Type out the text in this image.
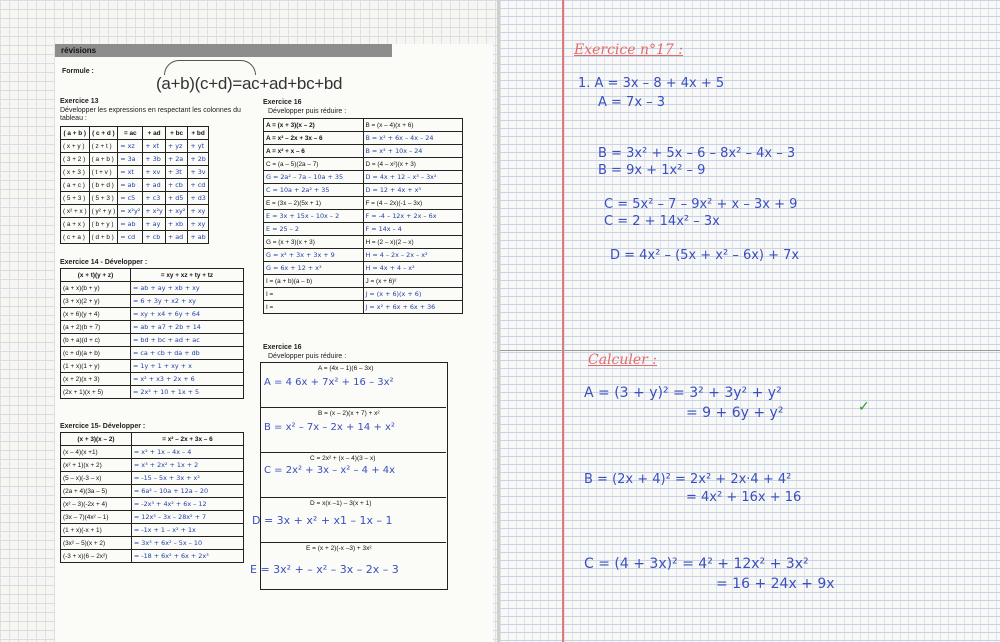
révisions
Formule :
(a+b)(c+d)=ac+ad+bc+bd
Exercice 13
Développer les expressions en respectant les colonnes du tableau :
( a + b )	( c + d )	= ac	+ ad	+ bc	+ bd
( x + y )	( z + t )	= xz	+ xt	+ yz	+ yt
( 3 + 2 )	( a + b )	= 3a	+ 3b	+ 2a	+ 2b
( x + 3 )	( t + v )	= xt	+ xv	+ 3t	+ 3v
( a + c )	( b + d )	= ab	+ ad	+ cb	+ cd
( 5 + 3 )	( 5 + 3 )	= c5	+ c3	+ d5	+ d3
( x² + x )	( y² + y )	= x²y²	+ x²y	+ xy²	+ xy
( a + x )	( b + y )	= ab	+ ay	+ xb	+ xy
( c + a )	( d + b )	= cd	+ cb	+ ad	+ ab
Exercice 14 - Développer :
(x + t)(y + z)	= xy + xz + ty + tz
(a + x)(b + y)	= ab + ay + xb + xy
(3 + x)(2 + y)	= 6 + 3y + x2 + xy
(x + 6)(y + 4)	= xy + x4 + 6y + 64
(a + 2)(b + 7)	= ab + a7 + 2b + 14
(b + a)(d + c)	= bd + bc + ad + ac
(c + d)(a + b)	= ca + cb + da + db
(1 + x)(1 + y)	= 1y + 1 + xy + x
(x + 2)(x + 3)	= x² + x3 + 2x + 6
(2x + 1)(x + 5)	= 2x² + 10 + 1x + 5
Exercice 15- Développer :
(x + 3)(x – 2)	= x² – 2x + 3x – 6
(x – 4)(x +1)	= x² + 1x – 4x – 4
(x² + 1)(x + 2)	= x³ + 2x² + 1x + 2
(5 – x)(-3 – x)	= -15 – 5x + 3x + x²
(2a + 4)(3a – 5)	= 6a² – 10a + 12a – 20
(x² – 3)(-2x + 4)	= -2x³ + 4x² + 6x – 12
(3x – 7)(4x² – 1)	= 12x³ – 3x – 28x² + 7
(1 + x)(-x + 1)	= -1x + 1 – x² + 1x
(3x² – 5)(x + 2)	= 3x³ + 6x² – 5x – 10
(-3 + x)(6 – 2x²)	= -18 + 6x² + 6x + 2x³
Exercice 16
Développer puis réduire :
A = (x + 3)(x – 2)	B = (x – 4)(x + 6)
A = x² – 2x + 3x – 6	B = x² + 6x – 4x – 24
A = x² + x – 6	B = x² + 10x – 24
C = (a – 5)(2a – 7)	D = (4 – x²)(x + 3)
G = 2a² – 7a – 10a + 35	D = 4x + 12 – x³ – 3x²
C = 10a + 2a² + 35	D = 12 + 4x + x³
E = (3x – 2)(5x + 1)	F = (4 – 2x)(-1 – 3x)
E = 3x + 15x – 10x – 2	F = -4 – 12x + 2x – 6x
E = 25 – 2	F = 14x – 4
G = (x + 3)(x + 3)	H = (2 – x)(2 – x)
G = x² + 3x + 3x + 9	H = 4 – 2x – 2x – x²
G = 6x + 12 + x³	H = 4x + 4 – x²
I = (a + b)(a – b)	J = (x + 6)²
I =	J = (x + 6)(x + 6)
I =	J = x² + 6x + 6x + 36
Exercice 16
Développer puis réduire :
A = (4x – 1)(6 – 3x)
A = 4 6x + 7x² + 16 – 3x²
B = (x – 2)(x + 7) + x²
B = x² – 7x – 2x + 14 + x²
C = 2x² + (x – 4)(3 – x)
C = 2x² + 3x – x² – 4 + 4x
D = x(x –1) – 3(x + 1)
D = 3x + x² + x1 – 1x – 1
E = (x + 2)(-x –3) + 3x²
E = 3x² + – x² – 3x – 2x – 3
Exercice n°17 :
1. A = 3x – 8 + 4x + 5
A = 7x – 3
B = 3x² + 5x – 6 – 8x² – 4x – 3
B = 9x + 1x² – 9
C = 5x² – 7 – 9x² + x – 3x + 9
C = 2 + 14x² – 3x
D = 4x² – (5x + x² – 6x) + 7x
Calculer :
A = (3 + y)² = 3² + 3y² + y²
= 9 + 6y + y²	✓
B = (2x + 4)² = 2x² + 2x·4 + 4²
= 4x² + 16x + 16
C = (4 + 3x)² = 4² + 12x² + 3x²
= 16 + 24x + 9x
